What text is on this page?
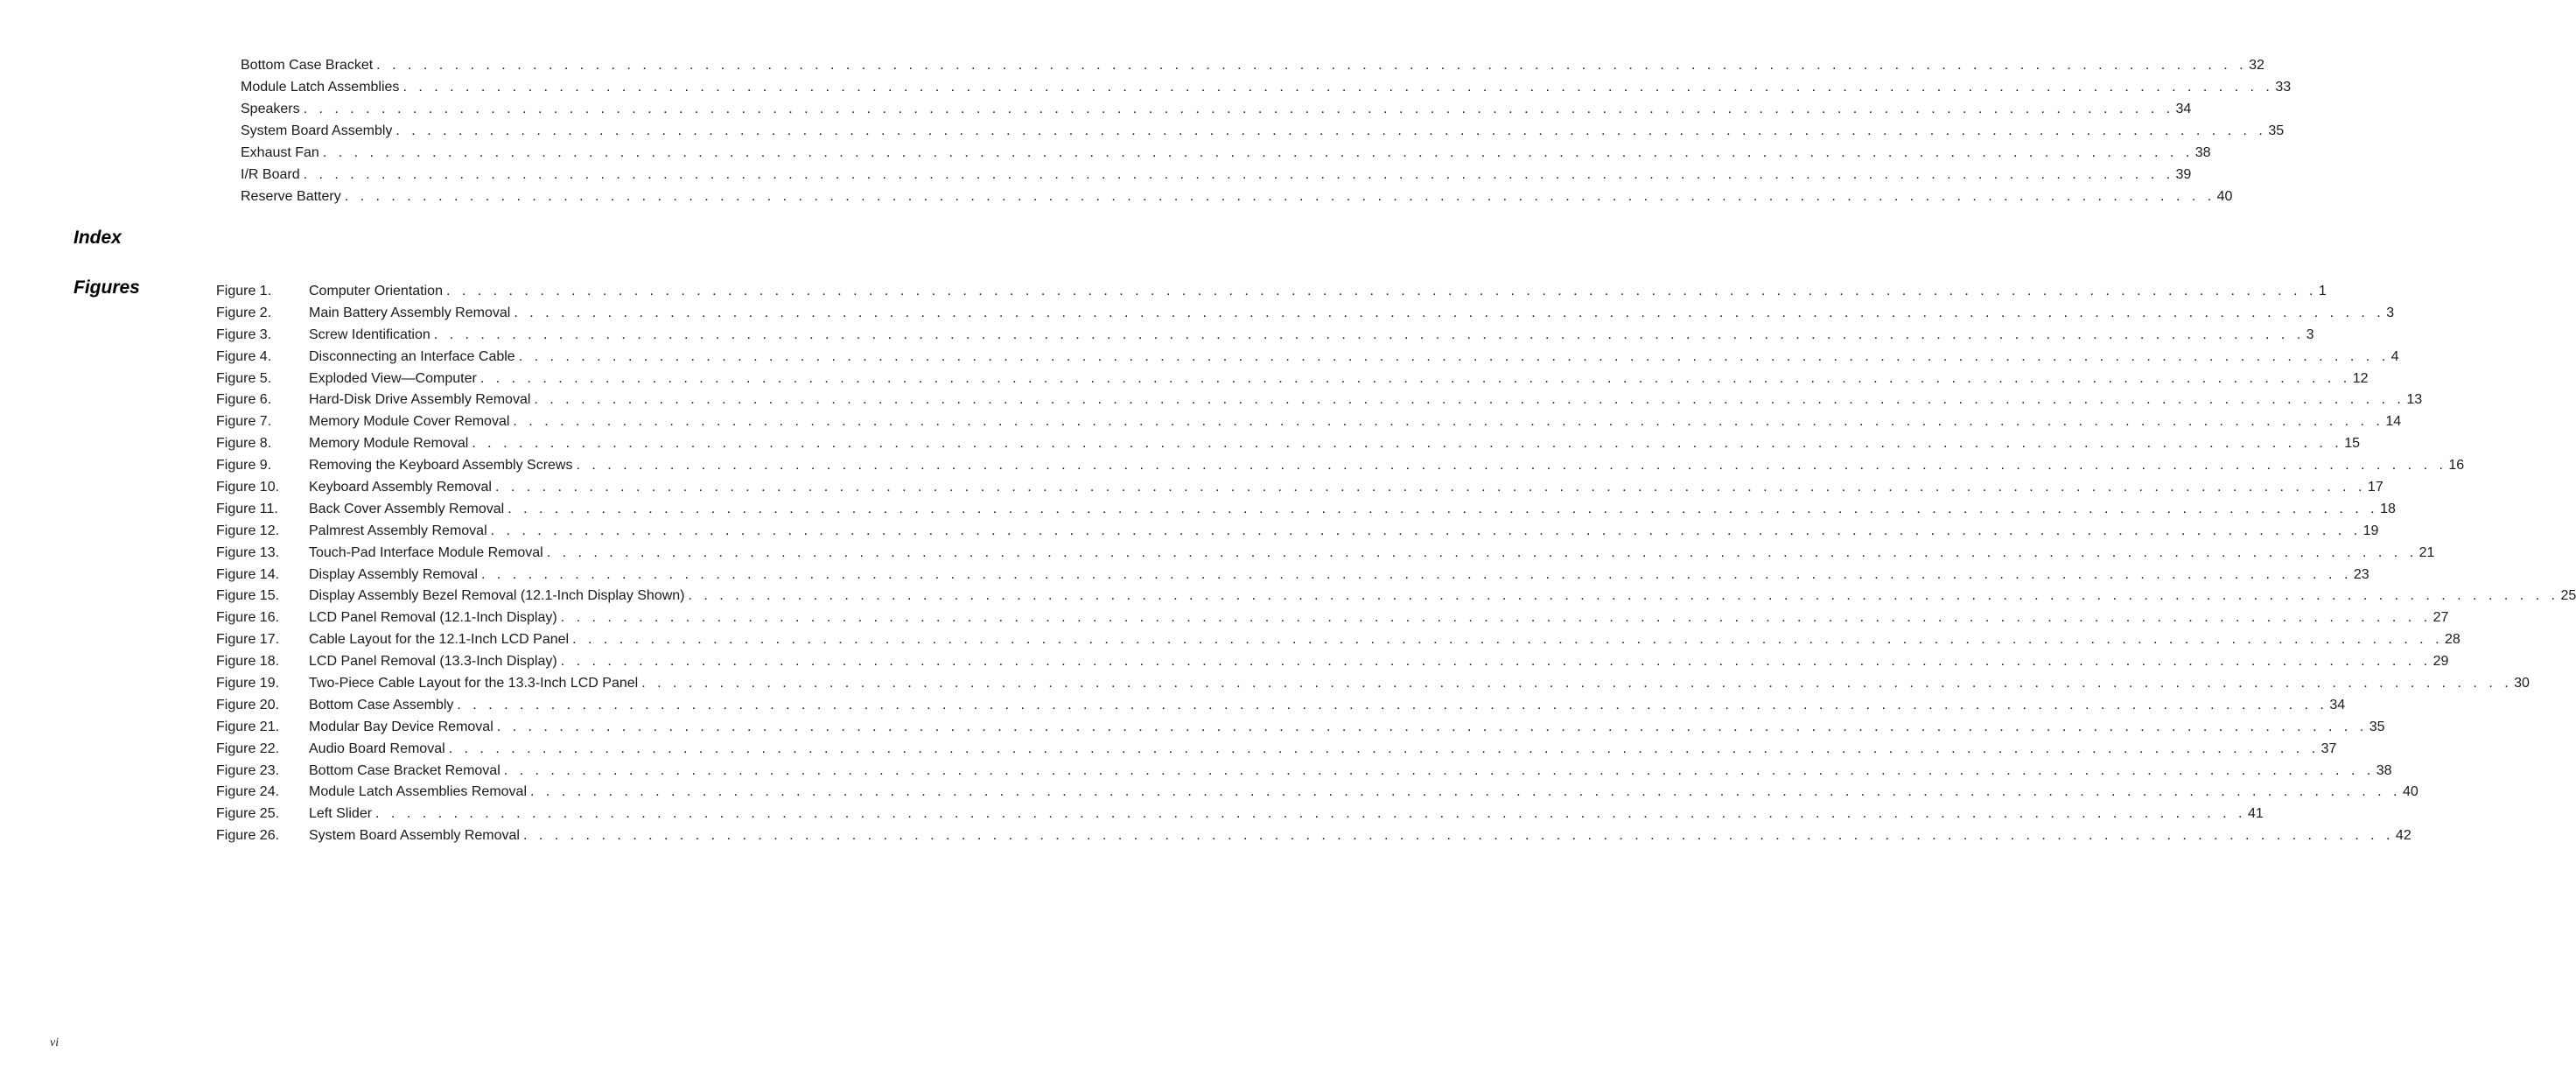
Bottom Case Bracket . . . . . . . . . . . . . . . . . . . . . . . . . . . . . . . . . . . . . . . . . . . . . . . . . . . . . . . . . . . . . . . . . . . . . . . . . . . . . . . . . . . . . . . . . . . . . . . . . . . . . . . . . . . . . . . . . . . . . . . . 32
Module Latch Assemblies . . . . . . . . . . . . . . . . . . . . . . . . . . . . . . . . . . . . . . . . . . . . . . . . . . . . . . . . . . . . . . . . . . . . . . . . . . . . . . . . . . . . . . . . . . . . . . . . . . . . . . . . . . . . . . . . . . . . . . . . 33
Speakers . . . . . . . . . . . . . . . . . . . . . . . . . . . . . . . . . . . . . . . . . . . . . . . . . . . . . . . . . . . . . . . . . . . . . . . . . . . . . . . . . . . . . . . . . . . . . . . . . . . . . . . . . . . . . . . . . . . . . . . . 34
System Board Assembly . . . . . . . . . . . . . . . . . . . . . . . . . . . . . . . . . . . . . . . . . . . . . . . . . . . . . . . . . . . . . . . . . . . . . . . . . . . . . . . . . . . . . . . . . . . . . . . . . . . . . . . . . . . . . . . . . . . . . . . . 35
Exhaust Fan . . . . . . . . . . . . . . . . . . . . . . . . . . . . . . . . . . . . . . . . . . . . . . . . . . . . . . . . . . . . . . . . . . . . . . . . . . . . . . . . . . . . . . . . . . . . . . . . . . . . . . . . . . . . . . . . . . . . . . . . 38
I/R Board . . . . . . . . . . . . . . . . . . . . . . . . . . . . . . . . . . . . . . . . . . . . . . . . . . . . . . . . . . . . . . . . . . . . . . . . . . . . . . . . . . . . . . . . . . . . . . . . . . . . . . . . . . . . . . . . . . . . . . . . 39
Reserve Battery . . . . . . . . . . . . . . . . . . . . . . . . . . . . . . . . . . . . . . . . . . . . . . . . . . . . . . . . . . . . . . . . . . . . . . . . . . . . . . . . . . . . . . . . . . . . . . . . . . . . . . . . . . . . . . . . . . . . . . . . 40
Index
Figures	Figure 1.	Computer Orientation . . . . . . . . . . . . . . . . . . . . . . . . . . . . . . . . . . . . . . . . . . . . . . . . . . . . . . . . . . . . . . . . . . . . . . . . . . . . . . . . . . . . . . . . . . . . . . . . . . . . . . . . . . . . . . . . . . . . . . . . 1
Figure 2.	Main Battery Assembly Removal . . . . . . . . . . . . . . . . . . . . . . . . . . . . . . . . . . . . . . . . . . . . . . . . . . . . . . . . . . . . . . . . . . . . . . . . . . . . . . . . . . . . . . . . . . . . . . . . . . . . . . . . . . . . . . . . . . . . . . . . 3
Figure 3.	Screw Identification . . . . . . . . . . . . . . . . . . . . . . . . . . . . . . . . . . . . . . . . . . . . . . . . . . . . . . . . . . . . . . . . . . . . . . . . . . . . . . . . . . . . . . . . . . . . . . . . . . . . . . . . . . . . . . . . . . . . . . . . 3
Figure 4.	Disconnecting an Interface Cable . . . . . . . . . . . . . . . . . . . . . . . . . . . . . . . . . . . . . . . . . . . . . . . . . . . . . . . . . . . . . . . . . . . . . . . . . . . . . . . . . . . . . . . . . . . . . . . . . . . . . . . . . . . . . . . . . . . . . . . . 4
Figure 5.	Exploded View—Computer . . . . . . . . . . . . . . . . . . . . . . . . . . . . . . . . . . . . . . . . . . . . . . . . . . . . . . . . . . . . . . . . . . . . . . . . . . . . . . . . . . . . . . . . . . . . . . . . . . . . . . . . . . . . . . . . . . . . . . . . 12
Figure 6.	Hard-Disk Drive Assembly Removal . . . . . . . . . . . . . . . . . . . . . . . . . . . . . . . . . . . . . . . . . . . . . . . . . . . . . . . . . . . . . . . . . . . . . . . . . . . . . . . . . . . . . . . . . . . . . . . . . . . . . . . . . . . . . . . . . . . . . . . . 13
Figure 7.	Memory Module Cover Removal . . . . . . . . . . . . . . . . . . . . . . . . . . . . . . . . . . . . . . . . . . . . . . . . . . . . . . . . . . . . . . . . . . . . . . . . . . . . . . . . . . . . . . . . . . . . . . . . . . . . . . . . . . . . . . . . . . . . . . . . 14
Figure 8.	Memory Module Removal . . . . . . . . . . . . . . . . . . . . . . . . . . . . . . . . . . . . . . . . . . . . . . . . . . . . . . . . . . . . . . . . . . . . . . . . . . . . . . . . . . . . . . . . . . . . . . . . . . . . . . . . . . . . . . . . . . . . . . . . 15
Figure 9.	Removing the Keyboard Assembly Screws . . . . . . . . . . . . . . . . . . . . . . . . . . . . . . . . . . . . . . . . . . . . . . . . . . . . . . . . . . . . . . . . . . . . . . . . . . . . . . . . . . . . . . . . . . . . . . . . . . . . . . . . . . . . . . . . . . . . . . . . 16
Figure 10.	Keyboard Assembly Removal . . . . . . . . . . . . . . . . . . . . . . . . . . . . . . . . . . . . . . . . . . . . . . . . . . . . . . . . . . . . . . . . . . . . . . . . . . . . . . . . . . . . . . . . . . . . . . . . . . . . . . . . . . . . . . . . . . . . . . . . 17
Figure 11.	Back Cover Assembly Removal . . . . . . . . . . . . . . . . . . . . . . . . . . . . . . . . . . . . . . . . . . . . . . . . . . . . . . . . . . . . . . . . . . . . . . . . . . . . . . . . . . . . . . . . . . . . . . . . . . . . . . . . . . . . . . . . . . . . . . . . 18
Figure 12.	Palmrest Assembly Removal . . . . . . . . . . . . . . . . . . . . . . . . . . . . . . . . . . . . . . . . . . . . . . . . . . . . . . . . . . . . . . . . . . . . . . . . . . . . . . . . . . . . . . . . . . . . . . . . . . . . . . . . . . . . . . . . . . . . . . . . 19
Figure 13.	Touch-Pad Interface Module Removal . . . . . . . . . . . . . . . . . . . . . . . . . . . . . . . . . . . . . . . . . . . . . . . . . . . . . . . . . . . . . . . . . . . . . . . . . . . . . . . . . . . . . . . . . . . . . . . . . . . . . . . . . . . . . . . . . . . . . . . . 21
Figure 14.	Display Assembly Removal . . . . . . . . . . . . . . . . . . . . . . . . . . . . . . . . . . . . . . . . . . . . . . . . . . . . . . . . . . . . . . . . . . . . . . . . . . . . . . . . . . . . . . . . . . . . . . . . . . . . . . . . . . . . . . . . . . . . . . . . 23
Figure 15.	Display Assembly Bezel Removal (12.1-Inch Display Shown) . . . . . . . . . . . . . . . . . . . . . . . . . . . . . . . . . . . . . . . . . . . . . . . . . . . . . . . . . . . . . . . . . . . . . . . . . . . . . . . . . . . . . . . . . . . . . . . . . . . . . . . . . . . . . . . . . . . . . . . . 25
Figure 16.	LCD Panel Removal (12.1-Inch Display) . . . . . . . . . . . . . . . . . . . . . . . . . . . . . . . . . . . . . . . . . . . . . . . . . . . . . . . . . . . . . . . . . . . . . . . . . . . . . . . . . . . . . . . . . . . . . . . . . . . . . . . . . . . . . . . . . . . . . . . . 27
Figure 17.	Cable Layout for the 12.1-Inch LCD Panel . . . . . . . . . . . . . . . . . . . . . . . . . . . . . . . . . . . . . . . . . . . . . . . . . . . . . . . . . . . . . . . . . . . . . . . . . . . . . . . . . . . . . . . . . . . . . . . . . . . . . . . . . . . . . . . . . . . . . . . . 28
Figure 18.	LCD Panel Removal (13.3-Inch Display) . . . . . . . . . . . . . . . . . . . . . . . . . . . . . . . . . . . . . . . . . . . . . . . . . . . . . . . . . . . . . . . . . . . . . . . . . . . . . . . . . . . . . . . . . . . . . . . . . . . . . . . . . . . . . . . . . . . . . . . . 29
Figure 19.	Two-Piece Cable Layout for the 13.3-Inch LCD Panel . . . . . . . . . . . . . . . . . . . . . . . . . . . . . . . . . . . . . . . . . . . . . . . . . . . . . . . . . . . . . . . . . . . . . . . . . . . . . . . . . . . . . . . . . . . . . . . . . . . . . . . . . . . . . . . . . . . . . . . . 30
Figure 20.	Bottom Case Assembly . . . . . . . . . . . . . . . . . . . . . . . . . . . . . . . . . . . . . . . . . . . . . . . . . . . . . . . . . . . . . . . . . . . . . . . . . . . . . . . . . . . . . . . . . . . . . . . . . . . . . . . . . . . . . . . . . . . . . . . . 34
Figure 21.	Modular Bay Device Removal . . . . . . . . . . . . . . . . . . . . . . . . . . . . . . . . . . . . . . . . . . . . . . . . . . . . . . . . . . . . . . . . . . . . . . . . . . . . . . . . . . . . . . . . . . . . . . . . . . . . . . . . . . . . . . . . . . . . . . . . 35
Figure 22.	Audio Board Removal . . . . . . . . . . . . . . . . . . . . . . . . . . . . . . . . . . . . . . . . . . . . . . . . . . . . . . . . . . . . . . . . . . . . . . . . . . . . . . . . . . . . . . . . . . . . . . . . . . . . . . . . . . . . . . . . . . . . . . . . 37
Figure 23.	Bottom Case Bracket Removal . . . . . . . . . . . . . . . . . . . . . . . . . . . . . . . . . . . . . . . . . . . . . . . . . . . . . . . . . . . . . . . . . . . . . . . . . . . . . . . . . . . . . . . . . . . . . . . . . . . . . . . . . . . . . . . . . . . . . . . . 38
Figure 24.	Module Latch Assemblies Removal . . . . . . . . . . . . . . . . . . . . . . . . . . . . . . . . . . . . . . . . . . . . . . . . . . . . . . . . . . . . . . . . . . . . . . . . . . . . . . . . . . . . . . . . . . . . . . . . . . . . . . . . . . . . . . . . . . . . . . . . 40
Figure 25.	Left Slider . . . . . . . . . . . . . . . . . . . . . . . . . . . . . . . . . . . . . . . . . . . . . . . . . . . . . . . . . . . . . . . . . . . . . . . . . . . . . . . . . . . . . . . . . . . . . . . . . . . . . . . . . . . . . . . . . . . . . . . . 41
Figure 26.	System Board Assembly Removal . . . . . . . . . . . . . . . . . . . . . . . . . . . . . . . . . . . . . . . . . . . . . . . . . . . . . . . . . . . . . . . . . . . . . . . . . . . . . . . . . . . . . . . . . . . . . . . . . . . . . . . . . . . . . . . . . . . . . . . . 42
vi
